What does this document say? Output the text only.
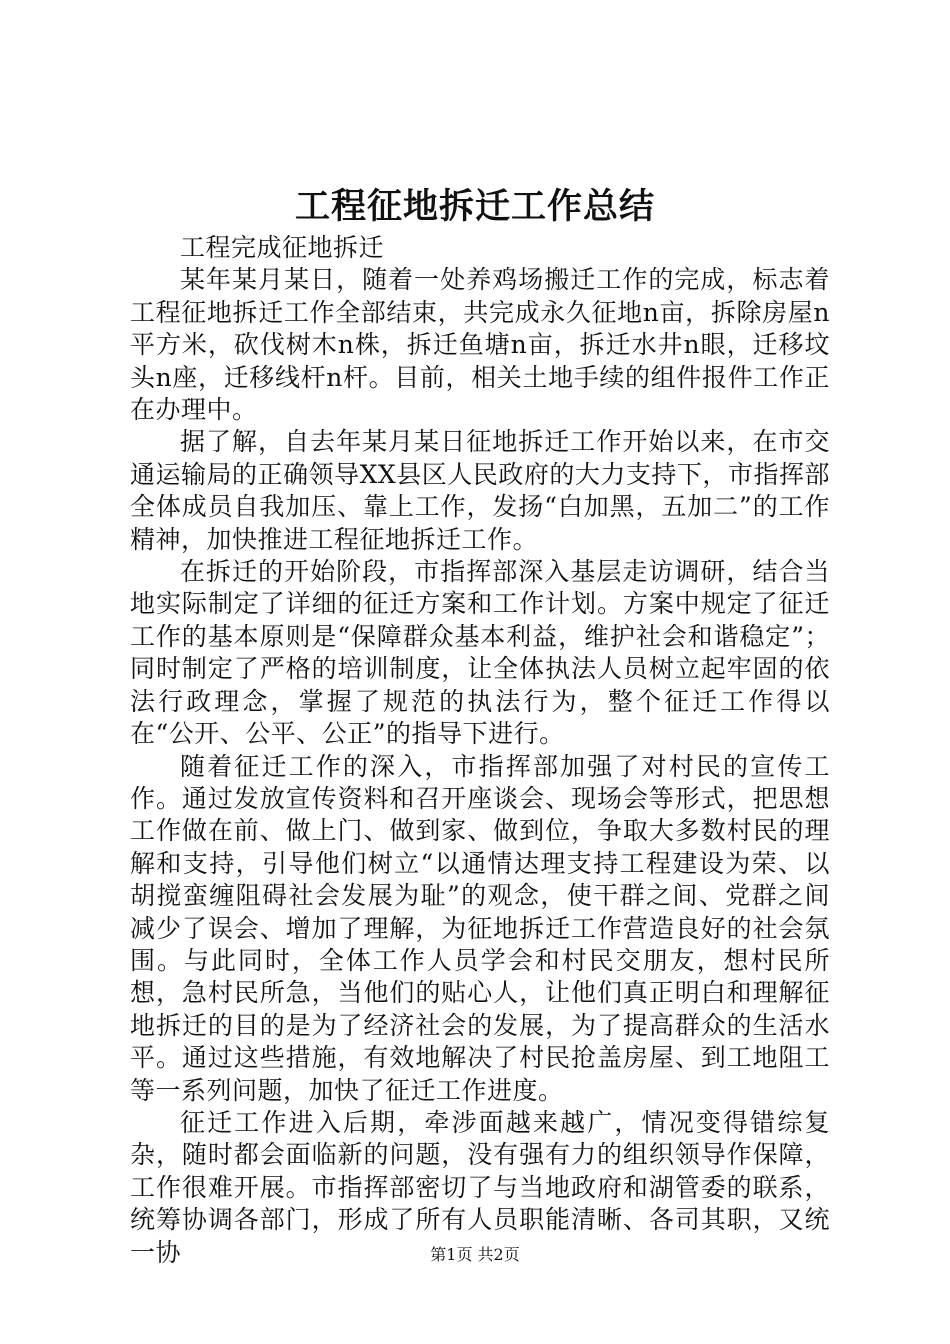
工程征地拆迁工作总结

工程完成征地拆迁

某年某月某日，随着一处养鸡场搬迁工作的完成，标志着工程征地拆迁工作全部结束，共完成永久征地n亩，拆除房屋n平方米，砍伐树木n株，拆迁鱼塘n亩，拆迁水井n眼，迁移坟头n座，迁移线杆n杆。目前，相关土地手续的组件报件工作正在办理中。

据了解，自去年某月某日征地拆迁工作开始以来，在市交通运输局的正确领导XX县区人民政府的大力支持下，市指挥部全体成员自我加压、靠上工作，发扬“白加黑，五加二”的工作精神，加快推进工程征地拆迁工作。

在拆迁的开始阶段，市指挥部深入基层走访调研，结合当地实际制定了详细的征迁方案和工作计划。方案中规定了征迁工作的基本原则是“保障群众基本利益，维护社会和谐稳定”；同时制定了严格的培训制度，让全体执法人员树立起牢固的依法行政理念，掌握了规范的执法行为，整个征迁工作得以在“公开、公平、公正”的指导下进行。

随着征迁工作的深入，市指挥部加强了对村民的宣传工作。通过发放宣传资料和召开座谈会、现场会等形式，把思想工作做在前、做上门、做到家、做到位，争取大多数村民的理解和支持，引导他们树立“以通情达理支持工程建设为荣、以胡搅蛮缠阻碍社会发展为耻”的观念，使干群之间、党群之间减少了误会、增加了理解，为征地拆迁工作营造良好的社会氛围。与此同时，全体工作人员学会和村民交朋友，想村民所想，急村民所急，当他们的贴心人，让他们真正明白和理解征地拆迁的目的是为了经济社会的发展，为了提高群众的生活水平。通过这些措施，有效地解决了村民抢盖房屋、到工地阻工等一系列问题，加快了征迁工作进度。

征迁工作进入后期，牵涉面越来越广，情况变得错综复杂，随时都会面临新的问题，没有强有力的组织领导作保障，工作很难开展。市指挥部密切了与当地政府和湖管委的联系，统筹协调各部门，形成了所有人员职能清晰、各司其职，又统一协	第1页 共2页
